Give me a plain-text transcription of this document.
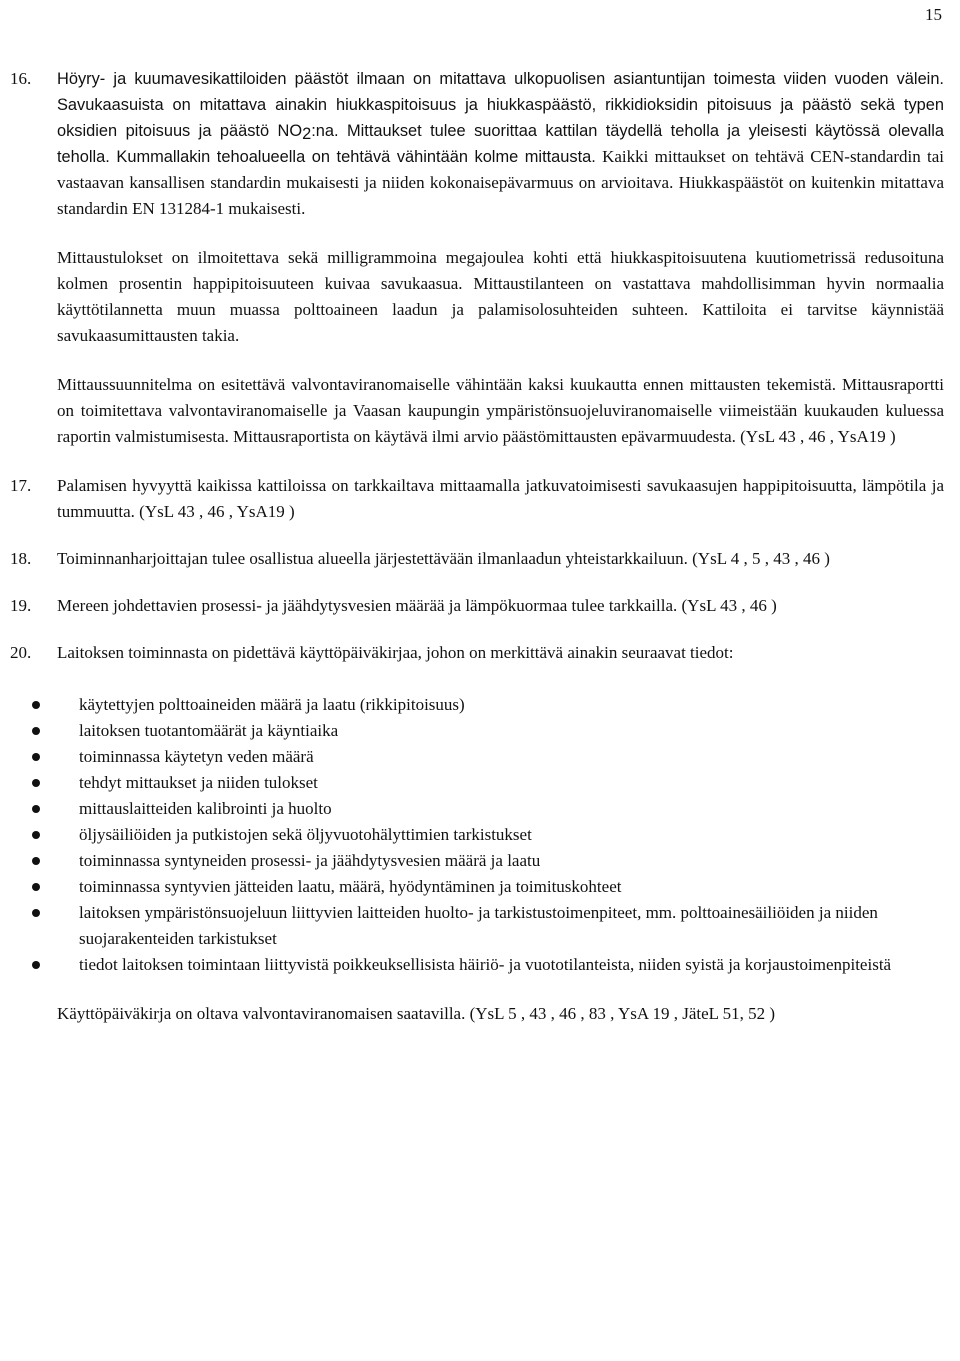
15
16.	Höyry- ja kuumavesikattiloiden päästöt ilmaan on mitattava ulkopuolisen asiantuntijan toimesta viiden vuoden välein. Savukaasuista on mitattava ainakin hiukkaspitoisuus ja hiukkaspäästö, rikkidioksidin pitoisuus ja päästö sekä typen oksidien pitoisuus ja päästö $NO_2:na$. Mittaukset tulee suorittaa kattilan täydellä teholla ja yleisesti käytössä olevalla teholla. Kummallakin tehoalueella on tehtävä vähintään kolme mittausta. Kaikki mittaukset on tehtävä CEN-standardin tai vastaavan kansallisen standardin mukaisesti ja niiden kokonaisepävarmuus on arvioitava. Hiukkaspäästöt on kuitenkin mitattava standardin EN 131284-1 mukaisesti.

Mittaustulokset on ilmoitettava sekä milligrammoina megajoulea kohti että hiukkaspitoisuutena kuutiometrissä redusoituna kolmen prosentin happipitoisuuteen kuivaa savukaasua. Mittaustilanteen on vastattava mahdollisimman hyvin normaalia käyttötilannetta muun muassa polttoaineen laadun ja palamisolosuhteiden suhteen. Kattiloita ei tarvitse käynnistää savukaasumittausten takia.

Mittaussuunnitelma on esitettävä valvontaviranomaiselle vähintään kaksi kuukautta ennen mittausten tekemistä. Mittausraportti on toimitettava valvontaviranomaiselle ja Vaasan kaupungin ympäristönsuojeluviranomaiselle viimeistään kuukauden kuluessa raportin valmistumisesta. Mittausraportista on käytävä ilmi arvio päästömittausten epävarmuudesta. (YsL 43 , 46 , YsA19 )

17.	Palamisen hyvyyttä kaikissa kattiloissa on tarkkailtava mittaamalla jatkuvatoimisesti savukaasujen happipitoisuutta, lämpötila ja tummuutta. (YsL 43 , 46 , YsA19 )
18.	Toiminnanharjoittajan tulee osallistua alueella järjestettävään ilmanlaadun yhteistarkkailuun. (YsL 4 , 5 , 43 , 46 )
19.	Mereen johdettavien prosessi- ja jäähdytysvesien määrää ja lämpökuormaa tulee tarkkailla. (YsL 43 , 46 )
20.	Laitoksen toiminnasta on pidettävä käyttöpäiväkirjaa, johon on merkittävä ainakin seuraavat tiedot:

käytettyjen polttoaineiden määrä ja laatu (rikkipitoisuus)
laitoksen tuotantomäärät ja käyntiaika
toiminnassa käytetyn veden määrä
tehdyt mittaukset ja niiden tulokset
mittauslaitteiden kalibrointi ja huolto
öljysäiliöiden ja putkistojen sekä öljyvuotohälyttimien tarkistukset
toiminnassa syntyneiden prosessi- ja jäähdytysvesien määrä ja laatu
toiminnassa syntyvien jätteiden laatu, määrä, hyödyntäminen ja toimituskohteet
laitoksen ympäristönsuojeluun liittyvien laitteiden huolto- ja tarkistustoimenpiteet, mm. polttoainesäiliöiden ja niiden suojarakenteiden tarkistukset
tiedot laitoksen toimintaan liittyvistä poikkeuksellisista häiriö- ja vuototilanteista, niiden syistä ja korjaustoimenpiteistä
Käyttöpäiväkirja on oltava valvontaviranomaisen saatavilla. (YsL 5 , 43 , 46 , 83 , YsA 19 , JäteL 51, 52 )
